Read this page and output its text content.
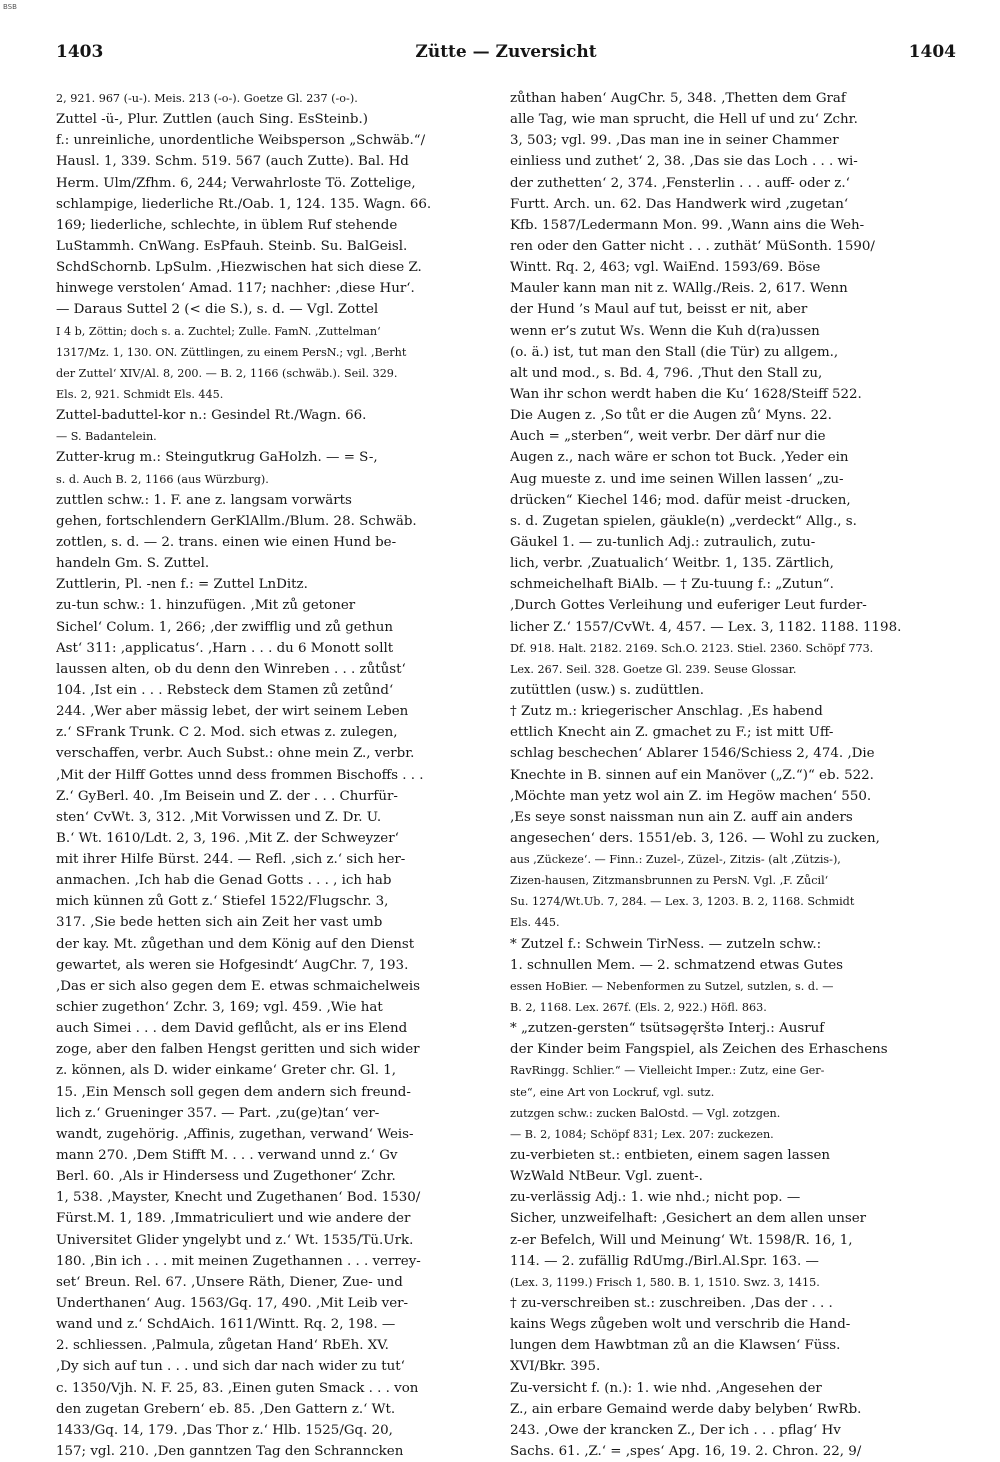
BSB
1403	Zütte — Zuversicht	1404
2, 921. 967 (-u-). Meis. 213 (-o-). Goetze Gl. 237 (-o-).
Zuttel -ü-, Plur. Zuttlen (auch Sing. EsSteinb.)
f.: unreinliche, unordentliche Weibsperson „Schwäb.“/
Hausl. 1, 339. Schm. 519. 567 (auch Zutte). Bal. Hd
Herm. Ulm/Zfhm. 6, 244; Verwahrloste Tö. Zottelige,
schlampige, liederliche Rt./Oab. 1, 124. 135. Wagn. 66.
169; liederliche, schlechte, in üblem Ruf stehende
LuStammh. CnWang. EsPfauh. Steinb. Su. BalGeisl.
SchdSchornb. LpSulm. ‚Hiezwischen hat sich diese Z.
hinwege verstolen‘ Amad. 117; nachher: ‚diese Hur‘.
— Daraus Suttel 2 (< die S.), s. d. — Vgl. Zottel
I 4 b, Zöttin; doch s. a. Zuchtel; Zulle. FamN. ‚Zuttelman‘
1317/Mz. 1, 130. ON. Züttlingen, zu einem PersN.; vgl. ‚Berht
der Zuttel‘ XIV/Al. 8, 200. — B. 2, 1166 (schwäb.). Seil. 329.
Els. 2, 921. Schmidt Els. 445.
Zuttel-baduttel-kor n.: Gesindel Rt./Wagn. 66.
— S. Badantelein.
Zutter-krug m.: Steingutkrug GaHolzh. — = S-,
s. d. Auch B. 2, 1166 (aus Würzburg).
zuttlen schw.: 1. F. ane z. langsam vorwärts
gehen, fortschlendern GerKlAllm./Blum. 28. Schwäb.
zottlen, s. d. — 2. trans. einen wie einen Hund be-
handeln Gm. S. Zuttel.
Zuttlerin, Pl. -nen f.: = Zuttel LnDitz.
zu-tun schw.: 1. hinzufügen. ‚Mit zů getoner
Sichel‘ Colum. 1, 266; ‚der zwifflig und zů gethun
Ast‘ 311: ‚applicatus‘. ‚Harn . . . du 6 Monott sollt
laussen alten, ob du denn den Winreben . . . zůtůst‘
104. ‚Ist ein . . . Rebsteck dem Stamen zů zetůnd‘
244. ‚Wer aber mässig lebet, der wirt seinem Leben
z.‘ SFrank Trunk. C 2. Mod. sich etwas z. zulegen,
verschaffen, verbr. Auch Subst.: ohne mein Z., verbr.
‚Mit der Hilff Gottes unnd dess frommen Bischoffs . . .
Z.‘ GyBerl. 40. ‚Im Beisein und Z. der . . . Churfür-
sten‘ CvWt. 3, 312. ‚Mit Vorwissen und Z. Dr. U.
B.‘ Wt. 1610/Ldt. 2, 3, 196. ‚Mit Z. der Schweyzer‘
mit ihrer Hilfe Bürst. 244. — Refl. ‚sich z.‘ sich her-
anmachen. ‚Ich hab die Genad Gotts . . . , ich hab
mich künnen zů Gott z.‘ Stiefel 1522/Flugschr. 3,
317. ‚Sie bede hetten sich ain Zeit her vast umb
der kay. Mt. zůgethan und dem König auf den Dienst
gewartet, als weren sie Hofgesindt‘ AugChr. 7, 193.
‚Das er sich also gegen dem E. etwas schmaichelweis
schier zugethon‘ Zchr. 3, 169; vgl. 459. ‚Wie hat
auch Simei . . . dem David geflůcht, als er ins Elend
zoge, aber den falben Hengst geritten und sich wider
z. können, als D. wider einkame‘ Greter chr. Gl. 1,
15. ‚Ein Mensch soll gegen dem andern sich freund-
lich z.‘ Grueninger 357. — Part. ‚zu(ge)tan‘ ver-
wandt, zugehörig. ‚Affinis, zugethan, verwand‘ Weis-
mann 270. ‚Dem Stifft M. . . . verwand unnd z.‘ Gv
Berl. 60. ‚Als ir Hindersess und Zugethoner‘ Zchr.
1, 538. ‚Mayster, Knecht und Zugethanen‘ Bod. 1530/
Fürst.M. 1, 189. ‚Immatriculiert und wie andere der
Universitet Glider yngelybt und z.‘ Wt. 1535/Tü.Urk.
180. ‚Bin ich . . . mit meinen Zugethannen . . . verrey-
set‘ Breun. Rel. 67. ‚Unsere Räth, Diener, Zue- und
Underthanen‘ Aug. 1563/Gq. 17, 490. ‚Mit Leib ver-
wand und z.‘ SchdAich. 1611/Wintt. Rq. 2, 198. —
2. schliessen. ‚Palmula, zůgetan Hand‘ RbEh. XV.
‚Dy sich auf tun . . . und sich dar nach wider zu tut‘
c. 1350/Vjh. N. F. 25, 83. ‚Einen guten Smack . . . von
den zugetan Grebern‘ eb. 85. ‚Den Gattern z.‘ Wt.
1433/Gq. 14, 179. ‚Das Thor z.‘ Hlb. 1525/Gq. 20,
157; vgl. 210. ‚Den ganntzen Tag den Schranncken
zůthan haben‘ AugChr. 5, 348. ‚Thetten dem Graf
alle Tag, wie man sprucht, die Hell uf und zu‘ Zchr.
3, 503; vgl. 99. ‚Das man ine in seiner Chammer
einliess und zuthet‘ 2, 38. ‚Das sie das Loch . . . wi-
der zuthetten‘ 2, 374. ‚Fensterlin . . . auff- oder z.‘
Furtt. Arch. un. 62. Das Handwerk wird ‚zugetan‘
Kfb. 1587/Ledermann Mon. 99. ‚Wann ains die Weh-
ren oder den Gatter nicht . . . zuthät‘ MüSonth. 1590/
Wintt. Rq. 2, 463; vgl. WaiEnd. 1593/69. Böse
Mauler kann man nit z. WAllg./Reis. 2, 617. Wenn
der Hund ’s Maul auf tut, beisst er nit, aber
wenn er’s zutut Ws. Wenn die Kuh d(ra)ussen
(o. ä.) ist, tut man den Stall (die Tür) zu allgem.,
alt und mod., s. Bd. 4, 796. ‚Thut den Stall zu,
Wan ihr schon werdt haben die Ku‘ 1628/Steiff 522.
Die Augen z. ‚So tůt er die Augen zů‘ Myns. 22.
Auch = „sterben“, weit verbr. Der därf nur die
Augen z., nach wäre er schon tot Buck. ‚Yeder ein
Aug mueste z. und ime seinen Willen lassen‘ „zu-
drücken“ Kiechel 146; mod. dafür meist -drucken,
s. d. Zugetan spielen, gäukle(n) „verdeckt“ Allg., s.
Gäukel 1. — zu-tunlich Adj.: zutraulich, zutu-
lich, verbr. ‚Zuatualich‘ Weitbr. 1, 135. Zärtlich,
schmeichelhaft BiAlb. — † Zu-tuung f.: „Zutun“.
‚Durch Gottes Verleihung und euferiger Leut furder-
licher Z.‘ 1557/CvWt. 4, 457. — Lex. 3, 1182. 1188. 1198.
Df. 918. Halt. 2182. 2169. Sch.O. 2123. Stiel. 2360. Schöpf 773.
Lex. 267. Seil. 328. Goetze Gl. 239. Seuse Glossar.
zutüttlen (usw.) s. zudüttlen.
† Zutz m.: kriegerischer Anschlag. ‚Es habend
ettlich Knecht ain Z. gmachet zu F.; ist mitt Uff-
schlag beschechen‘ Ablarer 1546/Schiess 2, 474. ‚Die
Knechte in B. sinnen auf ein Manöver („Z.“)“ eb. 522.
‚Möchte man yetz wol ain Z. im Hegöw machen‘ 550.
‚Es seye sonst naissman nun ain Z. auff ain anders
angesechen‘ ders. 1551/eb. 3, 126. — Wohl zu zucken,
aus ‚Zückeze‘. — Finn.: Zuzel-, Züzel-, Zitzis- (alt ‚Zützis-),
Zizen-hausen, Zitzmansbrunnen zu PersN. Vgl. ‚F. Zůcil‘
Su. 1274/Wt.Ub. 7, 284. — Lex. 3, 1203. B. 2, 1168. Schmidt
Els. 445.
* Zutzel f.: Schwein TirNess. — zutzeln schw.:
1. schnullen Mem. — 2. schmatzend etwas Gutes
essen HoBier. — Nebenformen zu Sutzel, sutzlen, s. d. —
B. 2, 1168. Lex. 267f. (Els. 2, 922.) Höfl. 863.
* „zutzen-gersten“ tsütsəgęrštə Interj.: Ausruf
der Kinder beim Fangspiel, als Zeichen des Erhaschens
RavRingg. Schlier.“ — Vielleicht Imper.: Zutz, eine Ger-
ste“, eine Art von Lockruf, vgl. sutz.
zutzgen schw.: zucken BalOstd. — Vgl. zotzgen.
— B. 2, 1084; Schöpf 831; Lex. 207: zuckezen.
zu-verbieten st.: entbieten, einem sagen lassen
WzWald NtBeur. Vgl. zuent-.
zu-verlässig Adj.: 1. wie nhd.; nicht pop. —
Sicher, unzweifelhaft: ‚Gesichert an dem allen unser
z-er Befelch, Will und Meinung‘ Wt. 1598/R. 16, 1,
114. — 2. zufällig RdUmg./Birl.Al.Spr. 163. —
(Lex. 3, 1199.) Frisch 1, 580. B. 1, 1510. Swz. 3, 1415.
† zu-verschreiben st.: zuschreiben. ‚Das der . . .
kains Wegs zůgeben wolt und verschrib die Hand-
lungen dem Hawbtman zů an die Klawsen‘ Füss.
XVI/Bkr. 395.
Zu-versicht f. (n.): 1. wie nhd. ‚Angesehen der
Z., ain erbare Gemaind werde daby belyben‘ RwRb.
243. ‚Owe der krancken Z., Der ich . . . pflag‘ Hv
Sachs. 61. ‚Z.‘ = ‚spes‘ Apg. 16, 19. 2. Chron. 22, 9/
